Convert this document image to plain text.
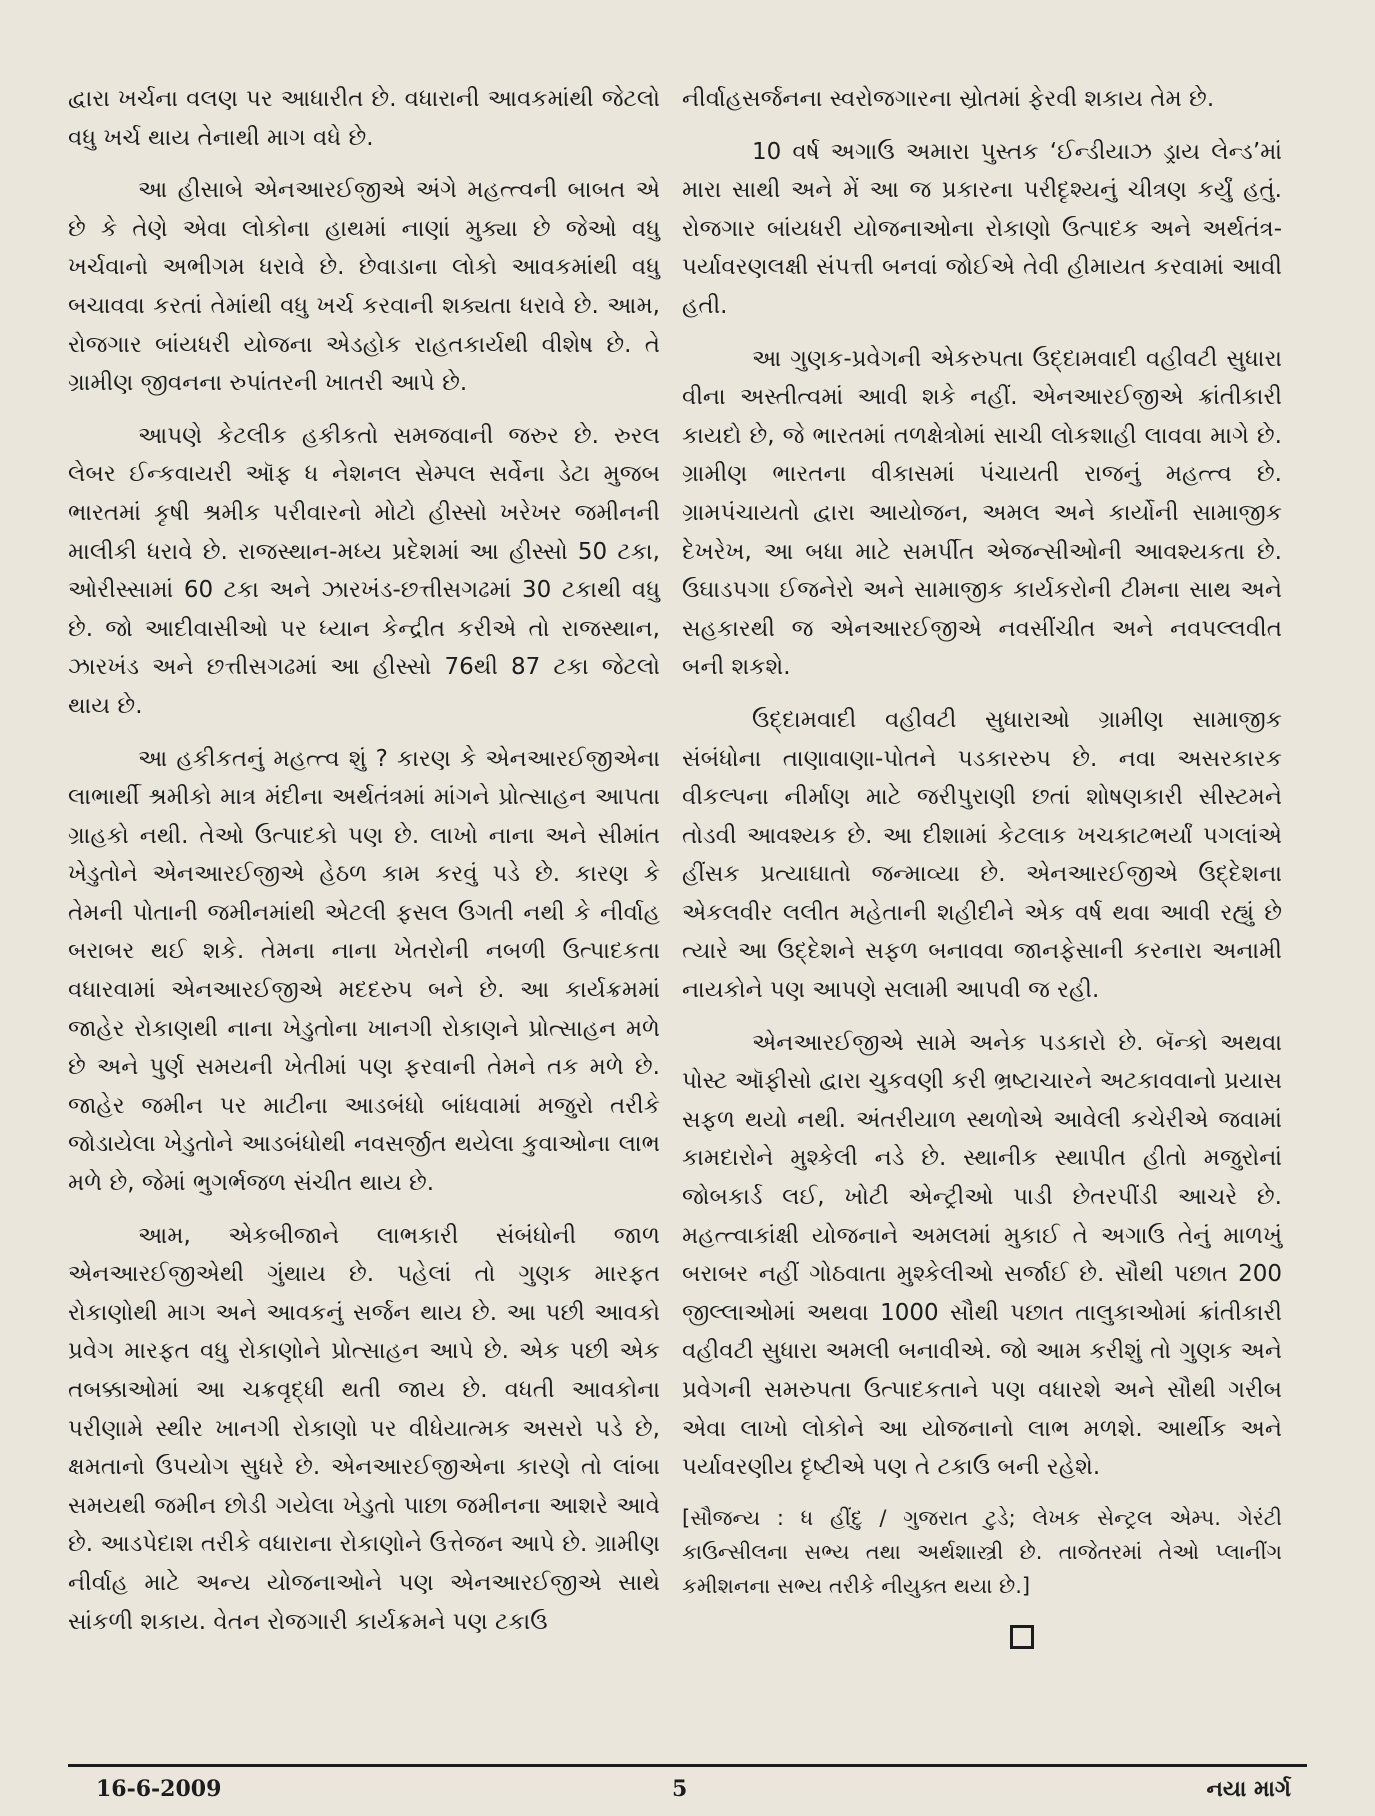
દ્વારા ખર્ચના વલણ પર આધારીત છે. વધારાની આવકમાંથી જેટલો વધુ ખર્ચ થાય તેનાથી માગ વધે છે.

આ હીસાબે એનઆરઈજીએ અંગે મહત્ત્વની બાબત એ છે કે તેણે એવા લોકોના હાથમાં નાણાં મુક્યા છે જેઓ વધુ ખર્ચવાનો અભીગમ ધરાવે છે. છેવાડાના લોકો આવકમાંથી વધુ બચાવવા કરતાં તેમાંથી વધુ ખર્ચ કરવાની શક્યતા ધરાવે છે. આમ, રોજગાર બાંયધરી યોજના એડહોક રાહતકાર્યથી વીશેષ છે. તે ગ્રામીણ જીવનના રુપાંતરની ખાતરી આપે છે.

આપણે કેટલીક હકીકતો સમજવાની જરુર છે. રુરલ લેબર ઈન્કવાયરી ઑફ ધ નેશનલ સેમ્પલ સર્વેના ડેટા મુજબ ભારતમાં કૃષી શ્રમીક પરીવારનો મોટો હીસ્સો ખરેખર જમીનની માલીકી ધરાવે છે. રાજસ્થાન-મધ્ય પ્રદેશમાં આ હીસ્સો 50 ટકા, ઓરીસ્સામાં 60 ટકા અને ઝારખંડ-છત્તીસગઢમાં 30 ટકાથી વધુ છે. જો આદીવાસીઓ પર ધ્યાન કેન્દ્રીત કરીએ તો રાજસ્થાન, ઝારખંડ અને છત્તીસગઢમાં આ હીસ્સો 76થી 87 ટકા જેટલો થાય છે.

આ હકીકતનું મહત્ત્વ શું ? કારણ કે એનઆરઈજીએના લાભાર્થી શ્રમીકો માત્ર મંદીના અર્થતંત્રમાં માંગને પ્રોત્સાહન આપતા ગ્રાહકો નથી. તેઓ ઉત્પાદકો પણ છે. લાખો નાના અને સીમાંત ખેડુતોને એનઆરઈજીએ હેઠળ કામ કરવું પડે છે. કારણ કે તેમની પોતાની જમીનમાંથી એટલી ફસલ ઉગતી નથી કે નીર્વાહ બરાબર થઈ શકે. તેમના નાના ખેતરોની નબળી ઉત્પાદકતા વધારવામાં એનઆરઈજીએ મદદરુપ બને છે. આ કાર્યક્રમમાં જાહેર રોકાણથી નાના ખેડુતોના ખાનગી રોકાણને પ્રોત્સાહન મળે છે અને પુર્ણ સમયની ખેતીમાં પણ ફરવાની તેમને તક મળે છે. જાહેર જમીન પર માટીના આડબંધો બાંધવામાં મજુરો તરીકે જોડાયેલા ખેડુતોને આડબંધોથી નવસર્જીત થયેલા કુવાઓના લાભ મળે છે, જેમાં ભુગર્ભજળ સંચીત થાય છે.

આમ, એકબીજાને લાભકારી સંબંધોની જાળ એનઆરઈજીએથી ગુંથાય છે. પહેલાં તો ગુણક મારફત રોકાણોથી માગ અને આવકનું સર્જન થાય છે. આ પછી આવકો પ્રવેગ મારફત વધુ રોકાણોને પ્રોત્સાહન આપે છે. એક પછી એક તબક્કાઓમાં આ ચક્રવૃદ્ધી થતી જાય છે. વધતી આવકોના પરીણામે સ્થીર ખાનગી રોકાણો પર વીધેયાત્મક અસરો પડે છે, ક્ષમતાનો ઉપયોગ સુધરે છે. એનઆરઈજીએના કારણે તો લાંબા સમયથી જમીન છોડી ગયેલા ખેડુતો પાછા જમીનના આશરે આવે છે. આડપેદાશ તરીકે વધારાના રોકાણોને ઉત્તેજન આપે છે. ગ્રામીણ નીર્વાહ માટે અન્ય યોજનાઓને પણ એનઆરઈજીએ સાથે સાંકળી શકાય. વેતન રોજગારી કાર્યક્રમને પણ ટકાઉ

નીર્વાહસર્જનના સ્વરોજગારના સ્રોતમાં ફેરવી શકાય તેમ છે.

10 વર્ષ અગાઉ અમારા પુસ્તક ‘ઈન્ડીયાઝ ડ્રાય લેન્ડ’માં મારા સાથી અને મેં આ જ પ્રકારના પરીદૃશ્યનું ચીત્રણ કર્યું હતું. રોજગાર બાંયધરી યોજનાઓના રોકાણો ઉત્પાદક અને અર્થતંત્ર-પર્યાવરણલક્ષી સંપત્તી બનવાં જોઈએ તેવી હીમાયત કરવામાં આવી હતી.

આ ગુણક-પ્રવેગની એકરુપતા ઉદ્દામવાદી વહીવટી સુધારા વીના અસ્તીત્વમાં આવી શકે નહીં. એનઆરઈજીએ ક્રાંતીકારી કાયદો છે, જે ભારતમાં તળક્ષેત્રોમાં સાચી લોકશાહી લાવવા માગે છે. ગ્રામીણ ભારતના વીકાસમાં પંચાયતી રાજનું મહત્ત્વ છે. ગ્રામપંચાયતો દ્વારા આયોજન, અમલ અને કાર્યોની સામાજીક દેખરેખ, આ બધા માટે સમર્પીત એજન્સીઓની આવશ્યકતા છે. ઉઘાડપગા ઈજનેરો અને સામાજીક કાર્યકરોની ટીમના સાથ અને સહકારથી જ એનઆરઈજીએ નવસીંચીત અને નવપલ્લવીત બની શકશે.

ઉદ્દામવાદી વહીવટી સુધારાઓ ગ્રામીણ સામાજીક સંબંધોના તાણાવાણા-પોતને પડકારરુપ છે. નવા અસરકારક વીકલ્પના નીર્માણ માટે જરીપુરાણી છતાં શોષણકારી સીસ્ટમને તોડવી આવશ્યક છે. આ દીશામાં કેટલાક ખચકાટભર્યાં પગલાંએ હીંસક પ્રત્યાઘાતો જન્માવ્યા છે. એનઆરઈજીએ ઉદ્દેશના એકલવીર લલીત મહેતાની શહીદીને એક વર્ષ થવા આવી રહ્યું છે ત્યારે આ ઉદ્દેશને સફળ બનાવવા જાનફેસાની કરનારા અનામી નાયકોને પણ આપણે સલામી આપવી જ રહી.

એનઆરઈજીએ સામે અનેક પડકારો છે. બૅન્કો અથવા પોસ્ટ ઑફીસો દ્વારા ચુકવણી કરી ભ્રષ્ટાચારને અટકાવવાનો પ્રયાસ સફળ થયો નથી. અંતરીયાળ સ્થળોએ આવેલી કચેરીએ જવામાં કામદારોને મુશ્કેલી નડે છે. સ્થાનીક સ્થાપીત હીતો મજુરોનાં જોબકાર્ડ લઈ, ખોટી એન્ટ્રીઓ પાડી છેતરપીંડી આચરે છે. મહત્ત્વાકાંક્ષી યોજનાને અમલમાં મુકાઈ તે અગાઉ તેનું માળખું બરાબર નહીં ગોઠવાતા મુશ્કેલીઓ સર્જાઈ છે. સૌથી પછાત 200 જીલ્લાઓમાં અથવા 1000 સૌથી પછાત તાલુકાઓમાં ક્રાંતીકારી વહીવટી સુધારા અમલી બનાવીએ. જો આમ કરીશું તો ગુણક અને પ્રવેગની સમરુપતા ઉત્પાદકતાને પણ વધારશે અને સૌથી ગરીબ એવા લાખો લોકોને આ યોજનાનો લાભ મળશે. આર્થીક અને પર્યાવરણીય દૃષ્ટીએ પણ તે ટકાઉ બની રહેશે.

[સૌજન્ય : ધ હીંદુ / ગુજરાત ટુડે; લેખક સેન્ટ્રલ એમ્પ. ગેરંટી કાઉન્સીલના સભ્ય તથા અર્થશાસ્ત્રી છે. તાજેતરમાં તેઓ પ્લાનીંગ કમીશનના સભ્ય તરીકે નીયુક્ત થયા છે.]
16-6-2009	5	નયા માર્ગ
